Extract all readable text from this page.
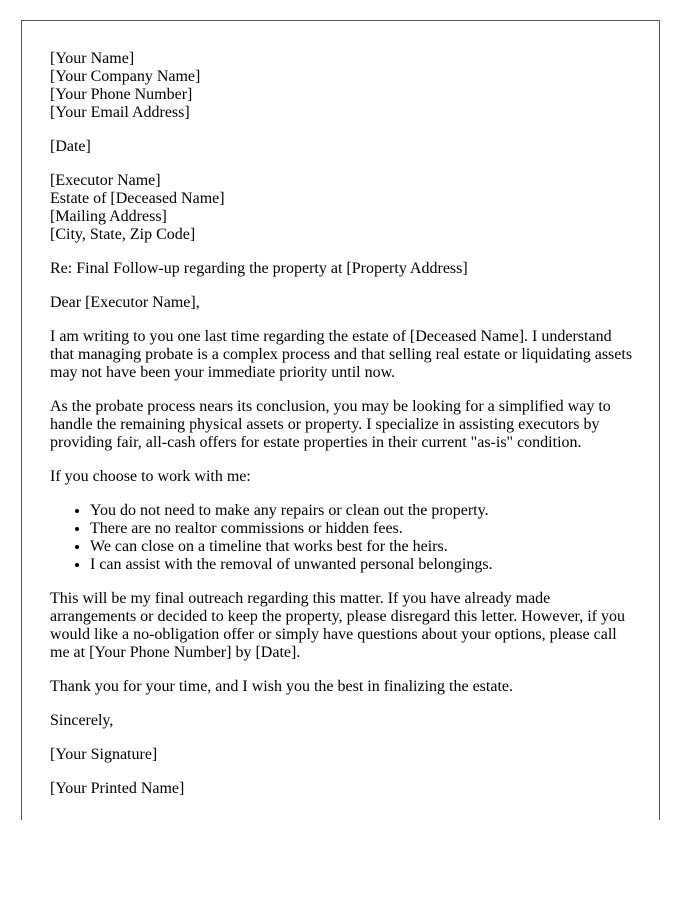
[Your Name]
[Your Company Name]
[Your Phone Number]
[Your Email Address]
[Date]
[Executor Name]
Estate of [Deceased Name]
[Mailing Address]
[City, State, Zip Code]

Re: Final Follow-up regarding the property at [Property Address]

Dear [Executor Name],

I am writing to you one last time regarding the estate of [Deceased Name]. I understand that managing probate is a complex process and that selling real estate or liquidating assets may not have been your immediate priority until now.

As the probate process nears its conclusion, you may be looking for a simplified way to handle the remaining physical assets or property. I specialize in assisting executors by providing fair, all-cash offers for estate properties in their current "as-is" condition.

If you choose to work with me:

• You do not need to make any repairs or clean out the property.
• There are no realtor commissions or hidden fees.
• We can close on a timeline that works best for the heirs.
• I can assist with the removal of unwanted personal belongings.

This will be my final outreach regarding this matter. If you have already made arrangements or decided to keep the property, please disregard this letter. However, if you would like a no-obligation offer or simply have questions about your options, please call me at [Your Phone Number] by [Date].

Thank you for your time, and I wish you the best in finalizing the estate.

Sincerely,

[Your Signature]

[Your Printed Name]
